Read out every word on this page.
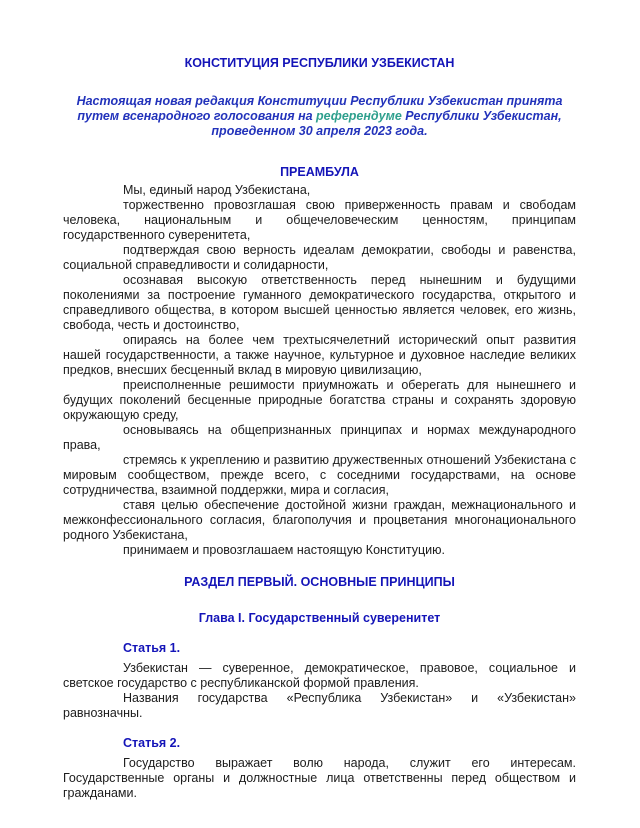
КОНСТИТУЦИЯ РЕСПУБЛИКИ УЗБЕКИСТАН
Настоящая новая редакция Конституции Республики Узбекистан принята путем всенародного голосования на референдуме Республики Узбекистан, проведенном 30 апреля 2023 года.
ПРЕАМБУЛА

Мы, единый народ Узбекистана,

торжественно провозглашая свою приверженность правам и свободам человека, национальным и общечеловеческим ценностям, принципам государственного суверенитета,

подтверждая свою верность идеалам демократии, свободы и равенства, социальной справедливости и солидарности,

осознавая высокую ответственность перед нынешним и будущими поколениями за построение гуманного демократического государства, открытого и справедливого общества, в котором высшей ценностью является человек, его жизнь, свобода, честь и достоинство,

опираясь на более чем трехтысячелетний исторический опыт развития нашей государственности, а также научное, культурное и духовное наследие великих предков, внесших бесценный вклад в мировую цивилизацию,

преисполненные решимости приумножать и оберегать для нынешнего и будущих поколений бесценные природные богатства страны и сохранять здоровую окружающую среду,

основываясь на общепризнанных принципах и нормах международного права,

стремясь к укреплению и развитию дружественных отношений Узбекистана с мировым сообществом, прежде всего, с соседними государствами, на основе сотрудничества, взаимной поддержки, мира и согласия,

ставя целью обеспечение достойной жизни граждан, межнационального и межконфессионального согласия, благополучия и процветания многонационального родного Узбекистана,

принимаем и провозглашаем настоящую Конституцию.

РАЗДЕЛ ПЕРВЫЙ. ОСНОВНЫЕ ПРИНЦИПЫ
Глава I. Государственный суверенитет
Статья 1.

Узбекистан — суверенное, демократическое, правовое, социальное и светское государство с республиканской формой правления.

Названия государства «Республика Узбекистан» и «Узбекистан» равнозначны.

Статья 2.

Государство выражает волю народа, служит его интересам. Государственные органы и должностные лица ответственны перед обществом и гражданами.
